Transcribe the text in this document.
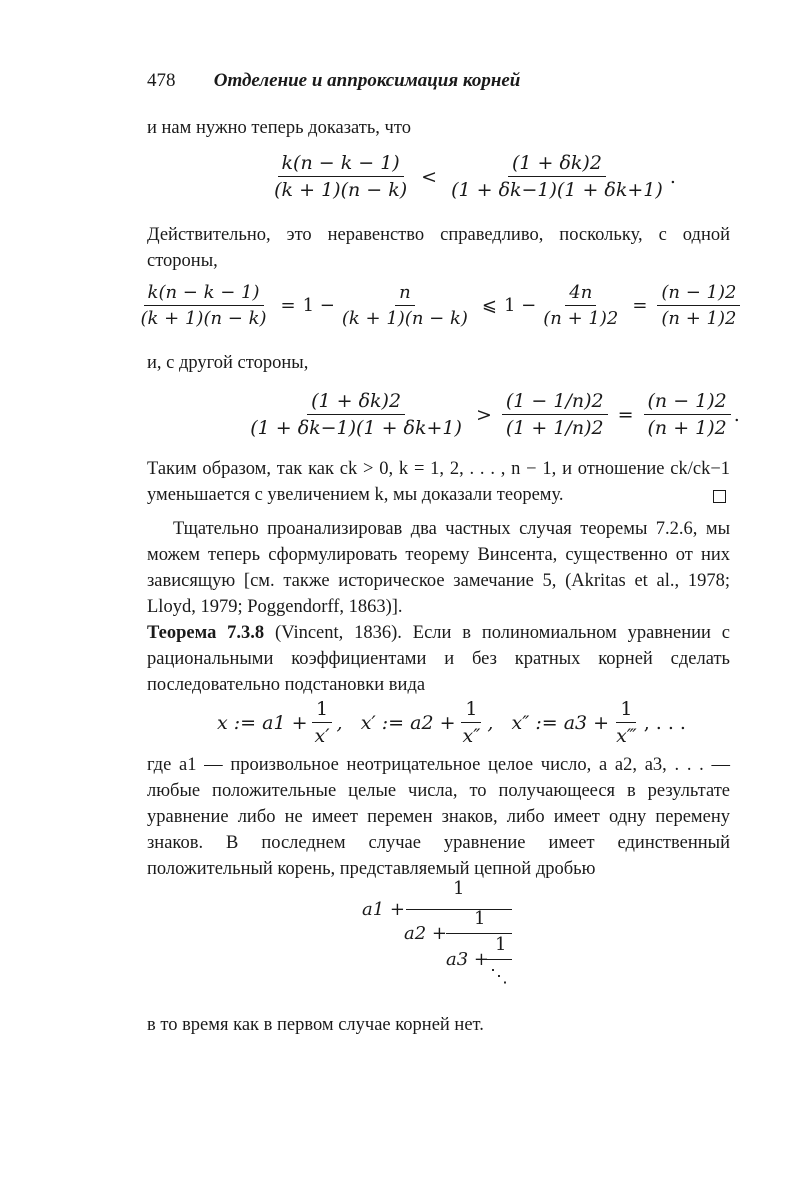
478 Отделение и аппроксимация корней
и нам нужно теперь доказать, что
$\frac{k(n - k - 1)}{(k + 1)(n - k)} < \frac{(1 + \delta k)2}{(1 + \delta k-1)(1 + \delta k+1)}$ .
Действительно, это неравенство справедливо, поскольку, с одной стороны,
$\frac{k(n - k - 1)}{(k + 1)(n - k)} = 1 - \frac{n}{(k + 1)(n - k)}$ ⩽ $1 - \frac{4n}{(n + 1)2} = \frac{(n - 1)2}{(n + 1)2}$
и, с другой стороны,
$\frac{(1 + \delta k)2}{(1 + \delta k-1)(1 + \delta k+1)} > \frac{(1 - 1/n)2}{(1 + 1/n)2} = \frac{(n - 1)2}{(n + 1)2}$ .
Таким образом, так как ck > 0, k = 1, 2, . . . , n − 1, и отношение ck/ck−1 уменьшается с увеличением k, мы доказали теорему.
Тщательно проанализировав два частных случая теоремы 7.2.6, мы можем теперь сформулировать теорему Винсента, существенно от них зависящую [см. также историческое замечание 5, (Akritas et al., 1978; Lloyd, 1979; Poggendorff, 1863)].
Теорема 7.3.8 (Vincent, 1836). Если в полиномиальном уравнении с рациональными коэффициентами и без кратных корней сделать последовательно подстановки вида
x := $a1 + \frac{1}{x'}$ ,   x′ := $a2 + \frac{1}{x''}$ ,   x″ := $a3 + \frac{1}{x‴}$ , . . .
где a1 — произвольное неотрицательное целое число, а a2, a3, . . . — любые положительные целые числа, то получающееся в результате уравнение либо не имеет перемен знаков, либо имеет одну перемену знаков. В последнем случае уравнение имеет единственный положительный корень, представляемый цепной дробью
a1 +
1
a2 +
1
a3 +
1
⋱
в то время как в первом случае корней нет.
